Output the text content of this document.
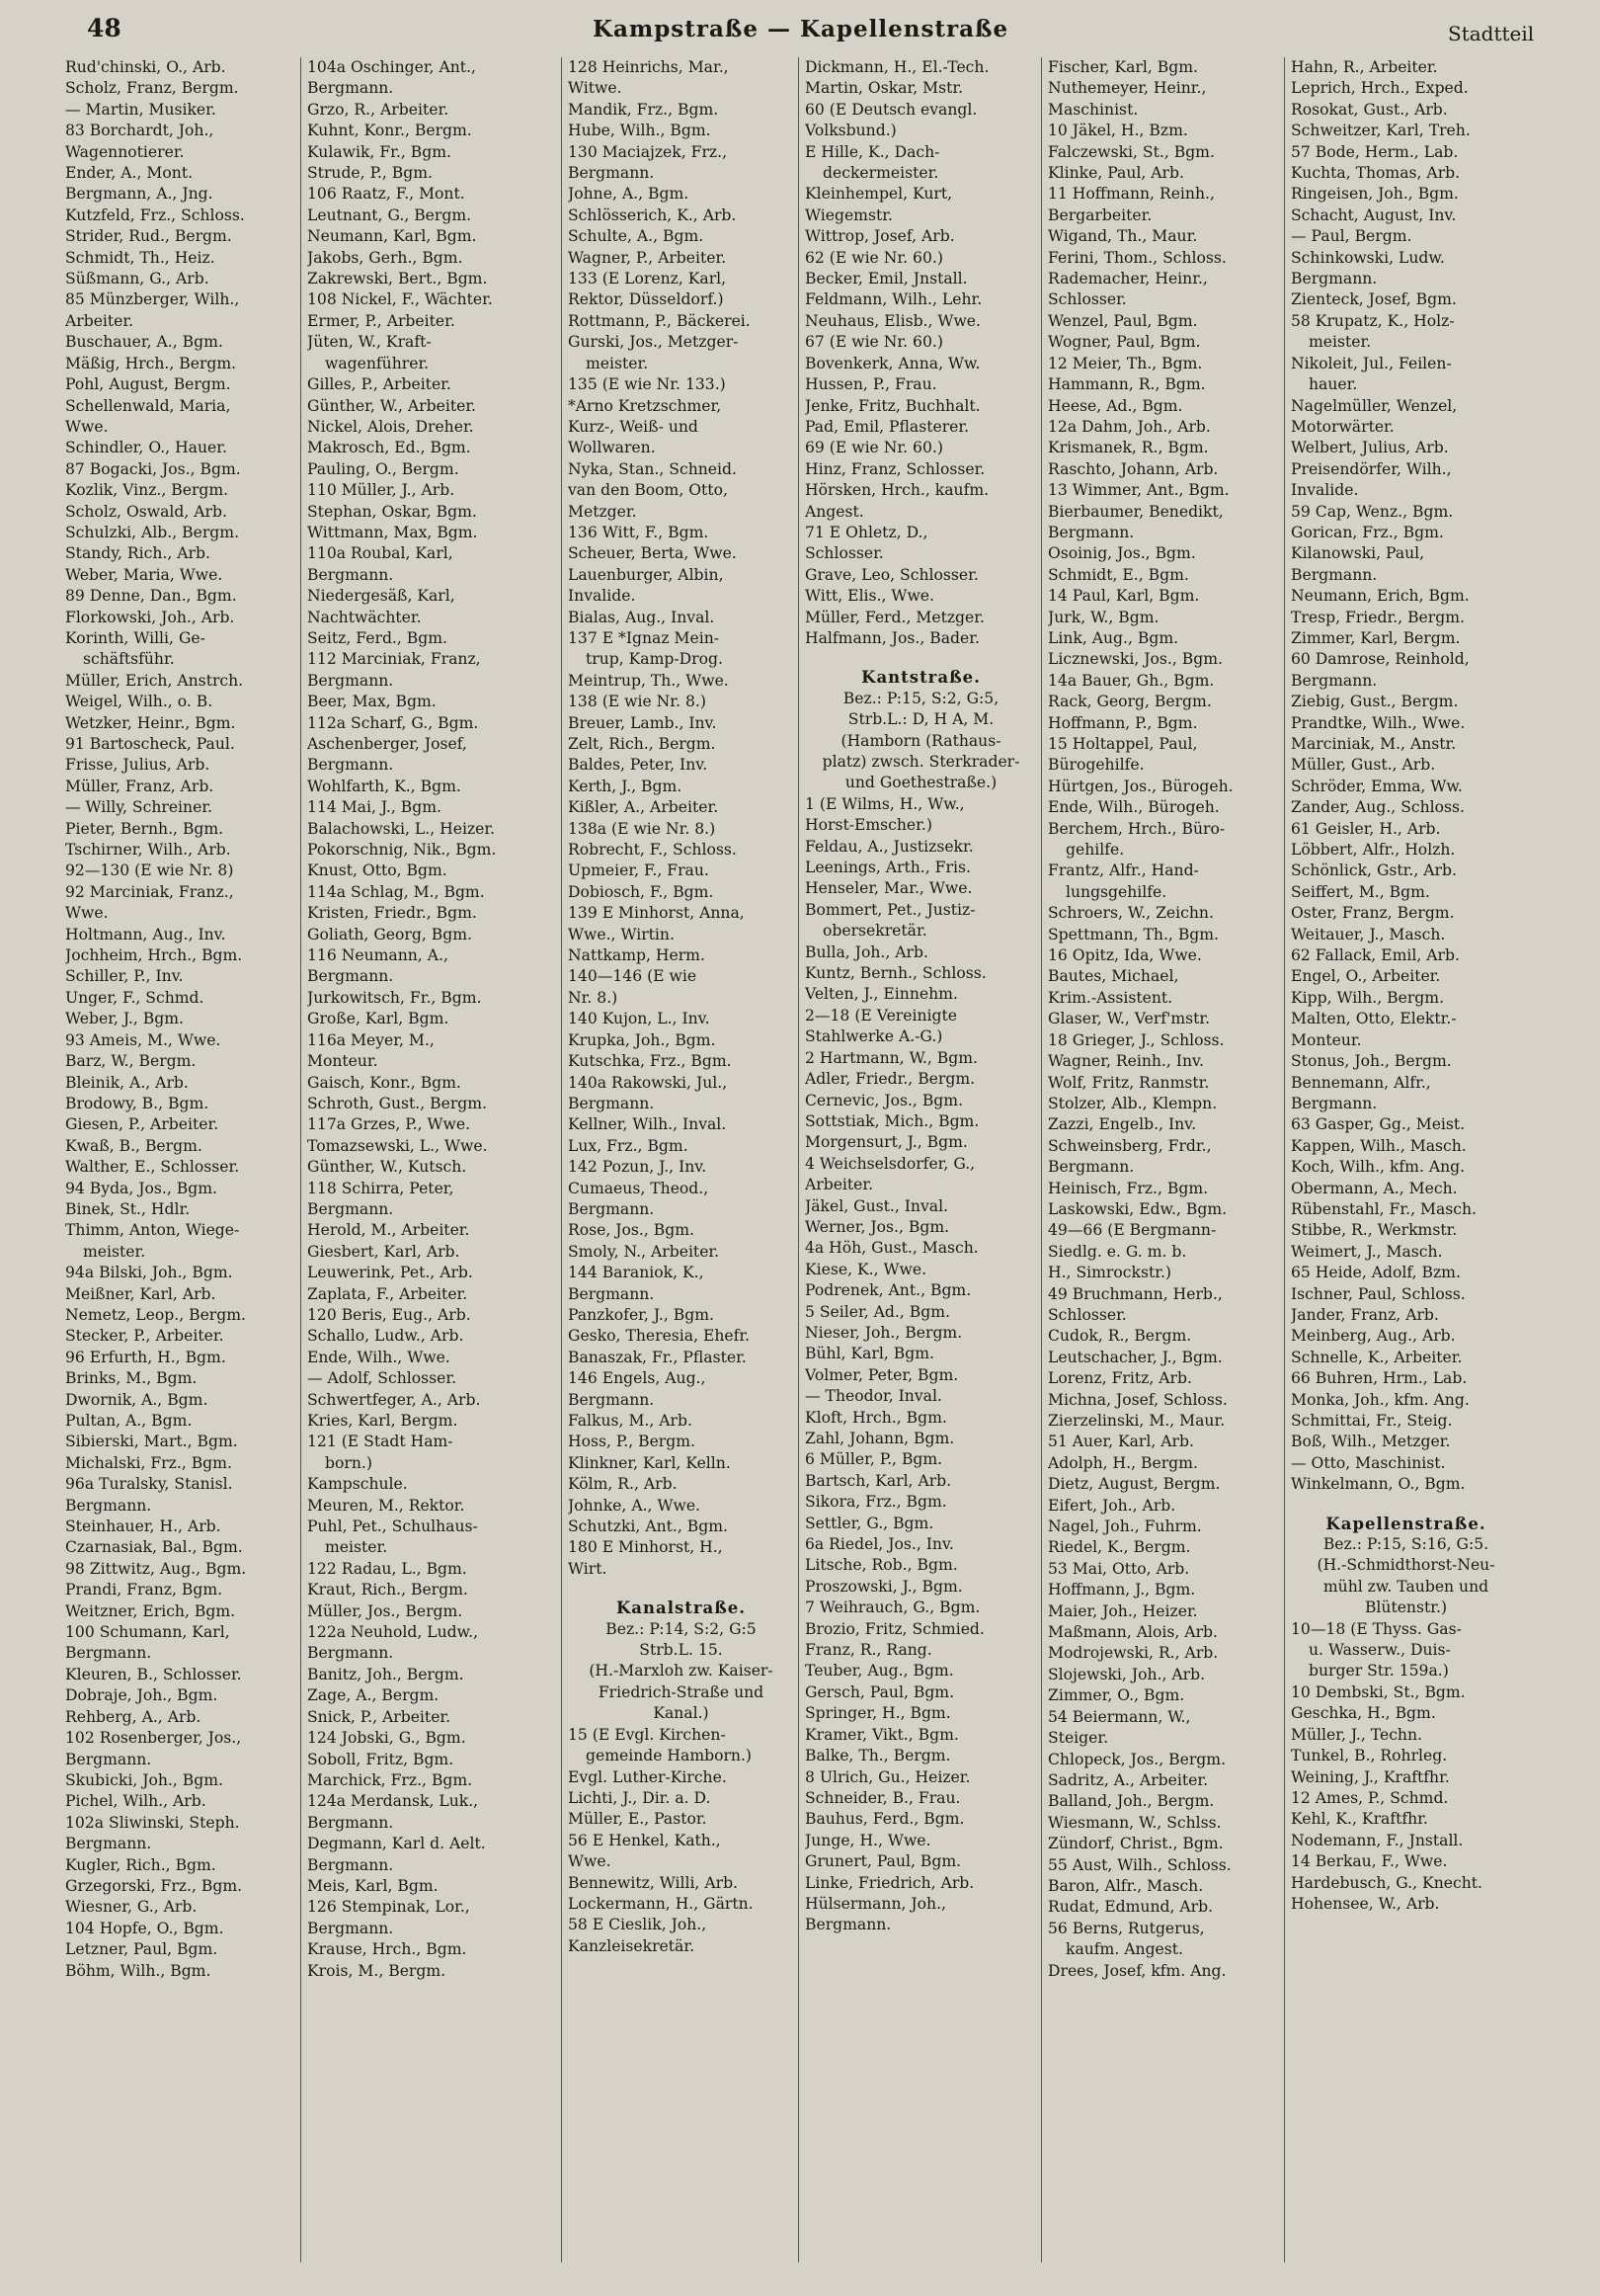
48	Kampstraße — Kapellenstraße	Stadtteil
Rud'chinski, O., Arb.
Scholz, Franz, Bergm.
— Martin, Musiker.
83 Borchardt, Joh.,
Wagennotierer.
Ender, A., Mont.
Bergmann, A., Jng.
Kutzfeld, Frz., Schloss.
Strider, Rud., Bergm.
Schmidt, Th., Heiz.
Süßmann, G., Arb.
85 Münzberger, Wilh.,
Arbeiter.
Buschauer, A., Bgm.
Mäßig, Hrch., Bergm.
Pohl, August, Bergm.
Schellenwald, Maria,
Wwe.
Schindler, O., Hauer.
87 Bogacki, Jos., Bgm.
Kozlik, Vinz., Bergm.
Scholz, Oswald, Arb.
Schulzki, Alb., Bergm.
Standy, Rich., Arb.
Weber, Maria, Wwe.
89 Denne, Dan., Bgm.
Florkowski, Joh., Arb.
Korinth, Willi, Ge-
schäftsführ.
Müller, Erich, Anstrch.
Weigel, Wilh., o. B.
Wetzker, Heinr., Bgm.
91 Bartoscheck, Paul.
Frisse, Julius, Arb.
Müller, Franz, Arb.
— Willy, Schreiner.
Pieter, Bernh., Bgm.
Tschirner, Wilh., Arb.
92—130 (E wie Nr. 8)
92 Marciniak, Franz.,
Wwe.
Holtmann, Aug., Inv.
Jochheim, Hrch., Bgm.
Schiller, P., Inv.
Unger, F., Schmd.
Weber, J., Bgm.
93 Ameis, M., Wwe.
Barz, W., Bergm.
Bleinik, A., Arb.
Brodowy, B., Bgm.
Giesen, P., Arbeiter.
Kwaß, B., Bergm.
Walther, E., Schlosser.
94 Byda, Jos., Bgm.
Binek, St., Hdlr.
Thimm, Anton, Wiege-
meister.
94a Bilski, Joh., Bgm.
Meißner, Karl, Arb.
Nemetz, Leop., Bergm.
Stecker, P., Arbeiter.
96 Erfurth, H., Bgm.
Brinks, M., Bgm.
Dwornik, A., Bgm.
Pultan, A., Bgm.
Sibierski, Mart., Bgm.
Michalski, Frz., Bgm.
96a Turalsky, Stanisl.
Bergmann.
Steinhauer, H., Arb.
Czarnasiak, Bal., Bgm.
98 Zittwitz, Aug., Bgm.
Prandi, Franz, Bgm.
Weitzner, Erich, Bgm.
100 Schumann, Karl,
Bergmann.
Kleuren, B., Schlosser.
Dobraje, Joh., Bgm.
Rehberg, A., Arb.
102 Rosenberger, Jos.,
Bergmann.
Skubicki, Joh., Bgm.
Pichel, Wilh., Arb.
102a Sliwinski, Steph.
Bergmann.
Kugler, Rich., Bgm.
Grzegorski, Frz., Bgm.
Wiesner, G., Arb.
104 Hopfe, O., Bgm.
Letzner, Paul, Bgm.
Böhm, Wilh., Bgm.
104a Oschinger, Ant.,
Bergmann.
Grzo, R., Arbeiter.
Kuhnt, Konr., Bergm.
Kulawik, Fr., Bgm.
Strude, P., Bgm.
106 Raatz, F., Mont.
Leutnant, G., Bergm.
Neumann, Karl, Bgm.
Jakobs, Gerh., Bgm.
Zakrewski, Bert., Bgm.
108 Nickel, F., Wächter.
Ermer, P., Arbeiter.
Jüten, W., Kraft-
wagenführer.
Gilles, P., Arbeiter.
Günther, W., Arbeiter.
Nickel, Alois, Dreher.
Makrosch, Ed., Bgm.
Pauling, O., Bergm.
110 Müller, J., Arb.
Stephan, Oskar, Bgm.
Wittmann, Max, Bgm.
110a Roubal, Karl,
Bergmann.
Niedergesäß, Karl,
Nachtwächter.
Seitz, Ferd., Bgm.
112 Marciniak, Franz,
Bergmann.
Beer, Max, Bgm.
112a Scharf, G., Bgm.
Aschenberger, Josef,
Bergmann.
Wohlfarth, K., Bgm.
114 Mai, J., Bgm.
Balachowski, L., Heizer.
Pokorschnig, Nik., Bgm.
Knust, Otto, Bgm.
114a Schlag, M., Bgm.
Kristen, Friedr., Bgm.
Goliath, Georg, Bgm.
116 Neumann, A.,
Bergmann.
Jurkowitsch, Fr., Bgm.
Große, Karl, Bgm.
116a Meyer, M.,
Monteur.
Gaisch, Konr., Bgm.
Schroth, Gust., Bergm.
117a Grzes, P., Wwe.
Tomazsewski, L., Wwe.
Günther, W., Kutsch.
118 Schirra, Peter,
Bergmann.
Herold, M., Arbeiter.
Giesbert, Karl, Arb.
Leuwerink, Pet., Arb.
Zaplata, F., Arbeiter.
120 Beris, Eug., Arb.
Schallo, Ludw., Arb.
Ende, Wilh., Wwe.
— Adolf, Schlosser.
Schwertfeger, A., Arb.
Kries, Karl, Bergm.
121 (E Stadt Ham-
born.)
Kampschule.
Meuren, M., Rektor.
Puhl, Pet., Schulhaus-
meister.
122 Radau, L., Bgm.
Kraut, Rich., Bergm.
Müller, Jos., Bergm.
122a Neuhold, Ludw.,
Bergmann.
Banitz, Joh., Bergm.
Zage, A., Bergm.
Snick, P., Arbeiter.
124 Jobski, G., Bgm.
Soboll, Fritz, Bgm.
Marchick, Frz., Bgm.
124a Merdansk, Luk.,
Bergmann.
Degmann, Karl d. Aelt.
Bergmann.
Meis, Karl, Bgm.
126 Stempinak, Lor.,
Bergmann.
Krause, Hrch., Bgm.
Krois, M., Bergm.
128 Heinrichs, Mar.,
Witwe.
Mandik, Frz., Bgm.
Hube, Wilh., Bgm.
130 Maciajzek, Frz.,
Bergmann.
Johne, A., Bgm.
Schlösserich, K., Arb.
Schulte, A., Bgm.
Wagner, P., Arbeiter.
133 (E Lorenz, Karl,
Rektor, Düsseldorf.)
Rottmann, P., Bäckerei.
Gurski, Jos., Metzger-
meister.
135 (E wie Nr. 133.)
*Arno Kretzschmer,
Kurz-, Weiß- und
Wollwaren.
Nyka, Stan., Schneid.
van den Boom, Otto,
Metzger.
136 Witt, F., Bgm.
Scheuer, Berta, Wwe.
Lauenburger, Albin,
Invalide.
Bialas, Aug., Inval.
137 E *Ignaz Mein-
trup, Kamp-Drog.
Meintrup, Th., Wwe.
138 (E wie Nr. 8.)
Breuer, Lamb., Inv.
Zelt, Rich., Bergm.
Baldes, Peter, Inv.
Kerth, J., Bgm.
Kißler, A., Arbeiter.
138a (E wie Nr. 8.)
Robrecht, F., Schloss.
Upmeier, F., Frau.
Dobiosch, F., Bgm.
139 E Minhorst, Anna,
Wwe., Wirtin.
Nattkamp, Herm.
140—146 (E wie
Nr. 8.)
140 Kujon, L., Inv.
Krupka, Joh., Bgm.
Kutschka, Frz., Bgm.
140a Rakowski, Jul.,
Bergmann.
Kellner, Wilh., Inval.
Lux, Frz., Bgm.
142 Pozun, J., Inv.
Cumaeus, Theod.,
Bergmann.
Rose, Jos., Bgm.
Smoly, N., Arbeiter.
144 Baraniok, K.,
Bergmann.
Panzkofer, J., Bgm.
Gesko, Theresia, Ehefr.
Banaszak, Fr., Pflaster.
146 Engels, Aug.,
Bergmann.
Falkus, M., Arb.
Hoss, P., Bergm.
Klinkner, Karl, Kelln.
Kölm, R., Arb.
Johnke, A., Wwe.
Schutzki, Ant., Bgm.
180 E Minhorst, H.,
Wirt.
Kanalstraße.
Bez.: P:14, S:2, G:5
Strb.L. 15.
(H.-Marxloh zw. Kaiser-
Friedrich-Straße und
Kanal.)
15 (E Evgl. Kirchen-
gemeinde Hamborn.)
Evgl. Luther-Kirche.
Lichti, J., Dir. a. D.
Müller, E., Pastor.
56 E Henkel, Kath.,
Wwe.
Bennewitz, Willi, Arb.
Lockermann, H., Gärtn.
58 E Cieslik, Joh.,
Kanzleisekretär.
Dickmann, H., El.-Tech.
Martin, Oskar, Mstr.
60 (E Deutsch evangl.
Volksbund.)
E Hille, K., Dach-
deckermeister.
Kleinhempel, Kurt,
Wiegemstr.
Wittrop, Josef, Arb.
62 (E wie Nr. 60.)
Becker, Emil, Jnstall.
Feldmann, Wilh., Lehr.
Neuhaus, Elisb., Wwe.
67 (E wie Nr. 60.)
Bovenkerk, Anna, Ww.
Hussen, P., Frau.
Jenke, Fritz, Buchhalt.
Pad, Emil, Pflasterer.
69 (E wie Nr. 60.)
Hinz, Franz, Schlosser.
Hörsken, Hrch., kaufm.
Angest.
71 E Ohletz, D.,
Schlosser.
Grave, Leo, Schlosser.
Witt, Elis., Wwe.
Müller, Ferd., Metzger.
Halfmann, Jos., Bader.
Kantstraße.
Bez.: P:15, S:2, G:5,
Strb.L.: D, H A, M.
(Hamborn (Rathaus-
platz) zwsch. Sterkrader-
und Goethestraße.)
1 (E Wilms, H., Ww.,
Horst-Emscher.)
Feldau, A., Justizsekr.
Leenings, Arth., Fris.
Henseler, Mar., Wwe.
Bommert, Pet., Justiz-
obersekretär.
Bulla, Joh., Arb.
Kuntz, Bernh., Schloss.
Velten, J., Einnehm.
2—18 (E Vereinigte
Stahlwerke A.-G.)
2 Hartmann, W., Bgm.
Adler, Friedr., Bergm.
Cernevic, Jos., Bgm.
Sottstiak, Mich., Bgm.
Morgensurt, J., Bgm.
4 Weichselsdorfer, G.,
Arbeiter.
Jäkel, Gust., Inval.
Werner, Jos., Bgm.
4a Höh, Gust., Masch.
Kiese, K., Wwe.
Podrenek, Ant., Bgm.
5 Seiler, Ad., Bgm.
Nieser, Joh., Bergm.
Bühl, Karl, Bgm.
Volmer, Peter, Bgm.
— Theodor, Inval.
Kloft, Hrch., Bgm.
Zahl, Johann, Bgm.
6 Müller, P., Bgm.
Bartsch, Karl, Arb.
Sikora, Frz., Bgm.
Settler, G., Bgm.
6a Riedel, Jos., Inv.
Litsche, Rob., Bgm.
Proszowski, J., Bgm.
7 Weihrauch, G., Bgm.
Brozio, Fritz, Schmied.
Franz, R., Rang.
Teuber, Aug., Bgm.
Gersch, Paul, Bgm.
Springer, H., Bgm.
Kramer, Vikt., Bgm.
Balke, Th., Bergm.
8 Ulrich, Gu., Heizer.
Schneider, B., Frau.
Bauhus, Ferd., Bgm.
Junge, H., Wwe.
Grunert, Paul, Bgm.
Linke, Friedrich, Arb.
Hülsermann, Joh.,
Bergmann.
Fischer, Karl, Bgm.
Nuthemeyer, Heinr.,
Maschinist.
10 Jäkel, H., Bzm.
Falczewski, St., Bgm.
Klinke, Paul, Arb.
11 Hoffmann, Reinh.,
Bergarbeiter.
Wigand, Th., Maur.
Ferini, Thom., Schloss.
Rademacher, Heinr.,
Schlosser.
Wenzel, Paul, Bgm.
Wogner, Paul, Bgm.
12 Meier, Th., Bgm.
Hammann, R., Bgm.
Heese, Ad., Bgm.
12a Dahm, Joh., Arb.
Krismanek, R., Bgm.
Raschto, Johann, Arb.
13 Wimmer, Ant., Bgm.
Bierbaumer, Benedikt,
Bergmann.
Osoinig, Jos., Bgm.
Schmidt, E., Bgm.
14 Paul, Karl, Bgm.
Jurk, W., Bgm.
Link, Aug., Bgm.
Licznewski, Jos., Bgm.
14a Bauer, Gh., Bgm.
Rack, Georg, Bergm.
Hoffmann, P., Bgm.
15 Holtappel, Paul,
Bürogehilfe.
Hürtgen, Jos., Bürogeh.
Ende, Wilh., Bürogeh.
Berchem, Hrch., Büro-
gehilfe.
Frantz, Alfr., Hand-
lungsgehilfe.
Schroers, W., Zeichn.
Spettmann, Th., Bgm.
16 Opitz, Ida, Wwe.
Bautes, Michael,
Krim.-Assistent.
Glaser, W., Verf'mstr.
18 Grieger, J., Schloss.
Wagner, Reinh., Inv.
Wolf, Fritz, Ranmstr.
Stolzer, Alb., Klempn.
Zazzi, Engelb., Inv.
Schweinsberg, Frdr.,
Bergmann.
Heinisch, Frz., Bgm.
Laskowski, Edw., Bgm.
49—66 (E Bergmann-
Siedlg. e. G. m. b.
H., Simrockstr.)
49 Bruchmann, Herb.,
Schlosser.
Cudok, R., Bergm.
Leutschacher, J., Bgm.
Lorenz, Fritz, Arb.
Michna, Josef, Schloss.
Zierzelinski, M., Maur.
51 Auer, Karl, Arb.
Adolph, H., Bergm.
Dietz, August, Bergm.
Eifert, Joh., Arb.
Nagel, Joh., Fuhrm.
Riedel, K., Bergm.
53 Mai, Otto, Arb.
Hoffmann, J., Bgm.
Maier, Joh., Heizer.
Maßmann, Alois, Arb.
Modrojewski, R., Arb.
Slojewski, Joh., Arb.
Zimmer, O., Bgm.
54 Beiermann, W.,
Steiger.
Chlopeck, Jos., Bergm.
Sadritz, A., Arbeiter.
Balland, Joh., Bergm.
Wiesmann, W., Schlss.
Zündorf, Christ., Bgm.
55 Aust, Wilh., Schloss.
Baron, Alfr., Masch.
Rudat, Edmund, Arb.
56 Berns, Rutgerus,
kaufm. Angest.
Drees, Josef, kfm. Ang.
Hahn, R., Arbeiter.
Leprich, Hrch., Exped.
Rosokat, Gust., Arb.
Schweitzer, Karl, Treh.
57 Bode, Herm., Lab.
Kuchta, Thomas, Arb.
Ringeisen, Joh., Bgm.
Schacht, August, Inv.
— Paul, Bergm.
Schinkowski, Ludw.
Bergmann.
Zienteck, Josef, Bgm.
58 Krupatz, K., Holz-
meister.
Nikoleit, Jul., Feilen-
hauer.
Nagelmüller, Wenzel,
Motorwärter.
Welbert, Julius, Arb.
Preisendörfer, Wilh.,
Invalide.
59 Cap, Wenz., Bgm.
Gorican, Frz., Bgm.
Kilanowski, Paul,
Bergmann.
Neumann, Erich, Bgm.
Tresp, Friedr., Bergm.
Zimmer, Karl, Bergm.
60 Damrose, Reinhold,
Bergmann.
Ziebig, Gust., Bergm.
Prandtke, Wilh., Wwe.
Marciniak, M., Anstr.
Müller, Gust., Arb.
Schröder, Emma, Ww.
Zander, Aug., Schloss.
61 Geisler, H., Arb.
Löbbert, Alfr., Holzh.
Schönlick, Gstr., Arb.
Seiffert, M., Bgm.
Oster, Franz, Bergm.
Weitauer, J., Masch.
62 Fallack, Emil, Arb.
Engel, O., Arbeiter.
Kipp, Wilh., Bergm.
Malten, Otto, Elektr.-
Monteur.
Stonus, Joh., Bergm.
Bennemann, Alfr.,
Bergmann.
63 Gasper, Gg., Meist.
Kappen, Wilh., Masch.
Koch, Wilh., kfm. Ang.
Obermann, A., Mech.
Rübenstahl, Fr., Masch.
Stibbe, R., Werkmstr.
Weimert, J., Masch.
65 Heide, Adolf, Bzm.
Ischner, Paul, Schloss.
Jander, Franz, Arb.
Meinberg, Aug., Arb.
Schnelle, K., Arbeiter.
66 Buhren, Hrm., Lab.
Monka, Joh., kfm. Ang.
Schmittai, Fr., Steig.
Boß, Wilh., Metzger.
— Otto, Maschinist.
Winkelmann, O., Bgm.
Kapellenstraße.
Bez.: P:15, S:16, G:5.
(H.-Schmidthorst-Neu-
mühl zw. Tauben und
Blütenstr.)
10—18 (E Thyss. Gas-
u. Wasserw., Duis-
burger Str. 159a.)
10 Dembski, St., Bgm.
Geschka, H., Bgm.
Müller, J., Techn.
Tunkel, B., Rohrleg.
Weining, J., Kraftfhr.
12 Ames, P., Schmd.
Kehl, K., Kraftfhr.
Nodemann, F., Jnstall.
14 Berkau, F., Wwe.
Hardebusch, G., Knecht.
Hohensee, W., Arb.
